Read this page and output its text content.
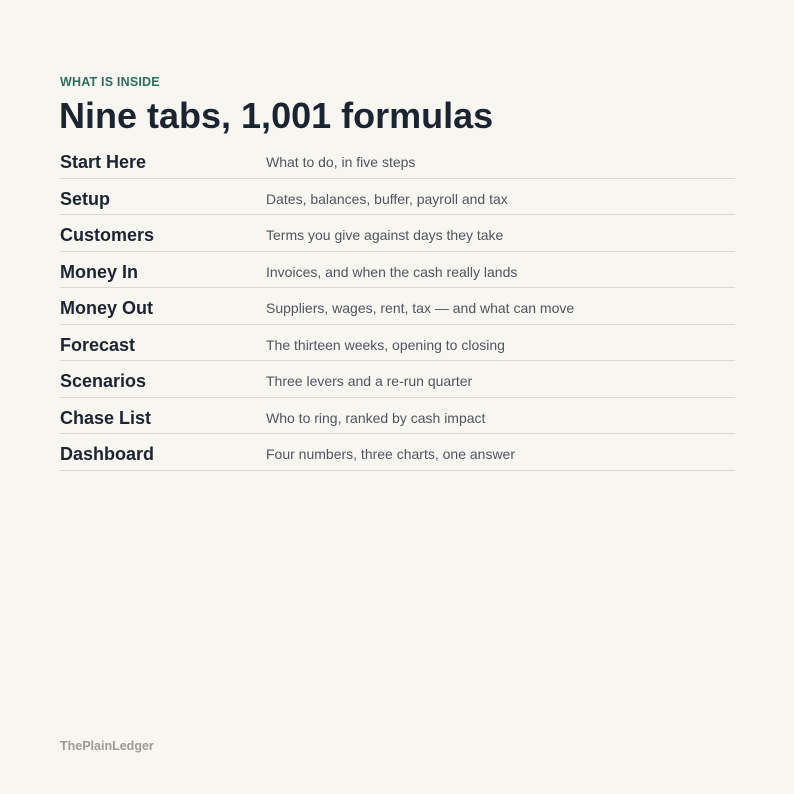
WHAT IS INSIDE
Nine tabs, 1,001 formulas
Start Here	What to do, in five steps
Setup	Dates, balances, buffer, payroll and tax
Customers	Terms you give against days they take
Money In	Invoices, and when the cash really lands
Money Out	Suppliers, wages, rent, tax — and what can move
Forecast	The thirteen weeks, opening to closing
Scenarios	Three levers and a re-run quarter
Chase List	Who to ring, ranked by cash impact
Dashboard	Four numbers, three charts, one answer
ThePlainLedger
